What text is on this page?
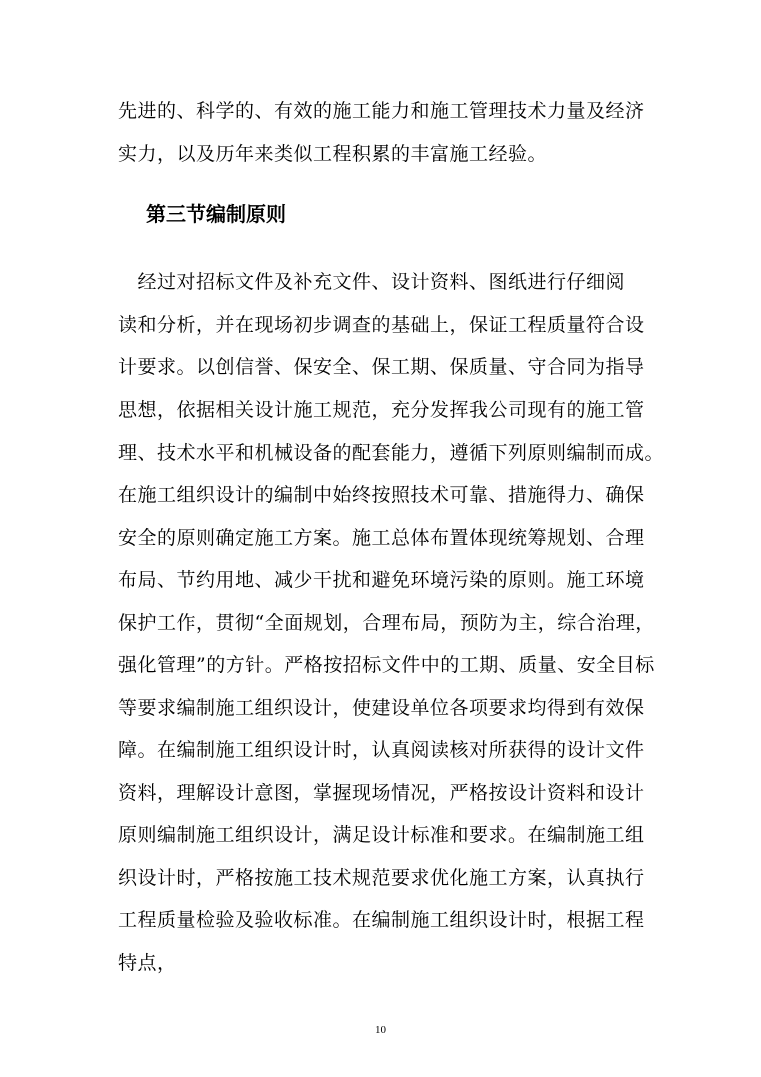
先进的、科学的、有效的施工能力和施工管理技术力量及经济
实力，以及历年来类似工程积累的丰富施工经验。
第三节编制原则
　经过对招标文件及补充文件、设计资料、图纸进行仔细阅
读和分析，并在现场初步调查的基础上，保证工程质量符合设
计要求。以创信誉、保安全、保工期、保质量、守合同为指导
思想，依据相关设计施工规范，充分发挥我公司现有的施工管
理、技术水平和机械设备的配套能力，遵循下列原则编制而成。
在施工组织设计的编制中始终按照技术可靠、措施得力、确保
安全的原则确定施工方案。施工总体布置体现统筹规划、合理
布局、节约用地、减少干扰和避免环境污染的原则。施工环境
保护工作，贯彻“全面规划，合理布局，预防为主，综合治理，
强化管理”的方针。严格按招标文件中的工期、质量、安全目标
等要求编制施工组织设计，使建设单位各项要求均得到有效保
障。在编制施工组织设计时，认真阅读核对所获得的设计文件
资料，理解设计意图，掌握现场情况，严格按设计资料和设计
原则编制施工组织设计，满足设计标准和要求。在编制施工组
织设计时，严格按施工技术规范要求优化施工方案，认真执行
工程质量检验及验收标准。在编制施工组织设计时，根据工程
特点，
10
